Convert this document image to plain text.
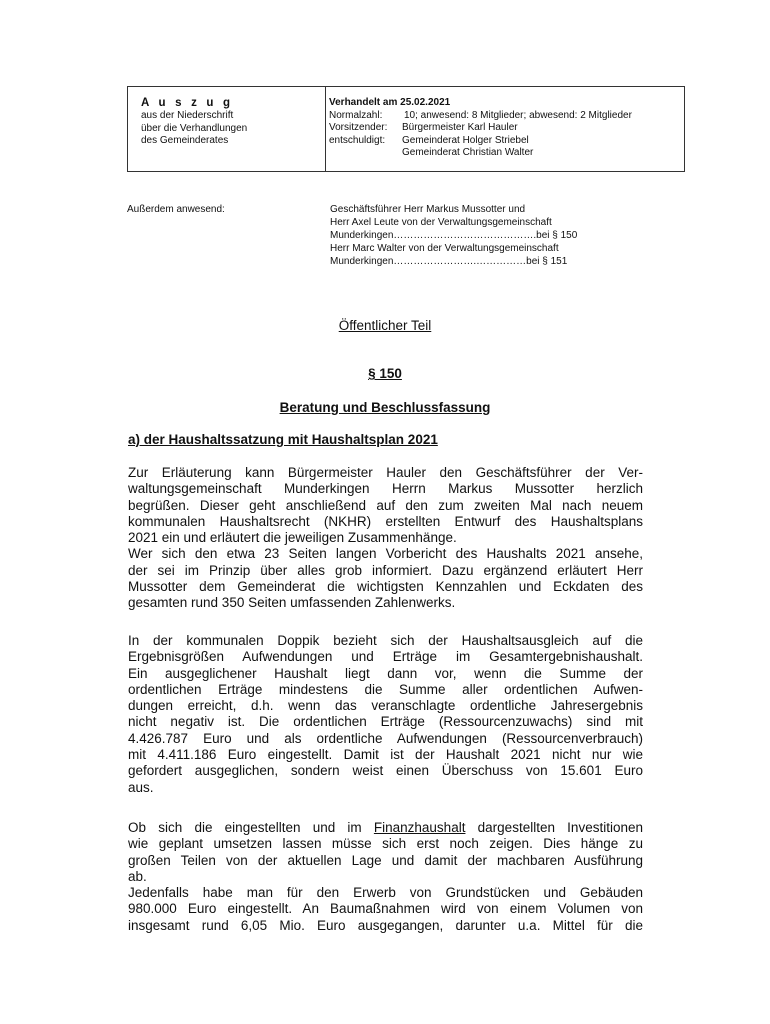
A u s z u g
aus der Niederschrift
über die Verhandlungen
des Gemeinderates
Verhandelt am 25.02.2021
Normalzahl:	10; anwesend: 8 Mitglieder; abwesend: 2 Mitglieder
Vorsitzender:	Bürgermeister Karl Hauler
entschuldigt:	Gemeinderat Holger Striebel
Gemeinderat Christian Walter
Außerdem anwesend:	Geschäftsführer Herr Markus Mussotter und
Herr Axel Leute von der Verwaltungsgemeinschaft
Munderkingen…………………………………….bei § 150
Herr Marc Walter von der Verwaltungsgemeinschaft
Munderkingen…………………….……………bei § 151
Öffentlicher Teil
§ 150
Beratung und Beschlussfassung
a) der Haushaltssatzung mit Haushaltsplan 2021
Zur Erläuterung kann Bürgermeister Hauler den Geschäftsführer der Ver-
waltungsgemeinschaft Munderkingen Herrn Markus Mussotter herzlich
begrüßen. Dieser geht anschließend auf den zum zweiten Mal nach neuem
kommunalen Haushaltsrecht (NKHR) erstellten Entwurf des Haushaltsplans
2021 ein und erläutert die jeweiligen Zusammenhänge.
Wer sich den etwa 23 Seiten langen Vorbericht des Haushalts 2021 ansehe,
der sei im Prinzip über alles grob informiert. Dazu ergänzend erläutert Herr
Mussotter dem Gemeinderat die wichtigsten Kennzahlen und Eckdaten des
gesamten rund 350 Seiten umfassenden Zahlenwerks.
In der kommunalen Doppik bezieht sich der Haushaltsausgleich auf die
Ergebnisgrößen Aufwendungen und Erträge im Gesamtergebnishaushalt.
Ein ausgeglichener Haushalt liegt dann vor, wenn die Summe der
ordentlichen Erträge mindestens die Summe aller ordentlichen Aufwen-
dungen erreicht, d.h. wenn das veranschlagte ordentliche Jahresergebnis
nicht negativ ist. Die ordentlichen Erträge (Ressourcenzuwachs) sind mit
4.426.787 Euro und als ordentliche Aufwendungen (Ressourcenverbrauch)
mit 4.411.186 Euro eingestellt. Damit ist der Haushalt 2021 nicht nur wie
gefordert ausgeglichen, sondern weist einen Überschuss von 15.601 Euro
aus.
Ob sich die eingestellten und im Finanzhaushalt dargestellten Investitionen
wie geplant umsetzen lassen müsse sich erst noch zeigen. Dies hänge zu
großen Teilen von der aktuellen Lage und damit der machbaren Ausführung
ab.
Jedenfalls habe man für den Erwerb von Grundstücken und Gebäuden
980.000 Euro eingestellt. An Baumaßnahmen wird von einem Volumen von
insgesamt rund 6,05 Mio. Euro ausgegangen, darunter u.a. Mittel für die
